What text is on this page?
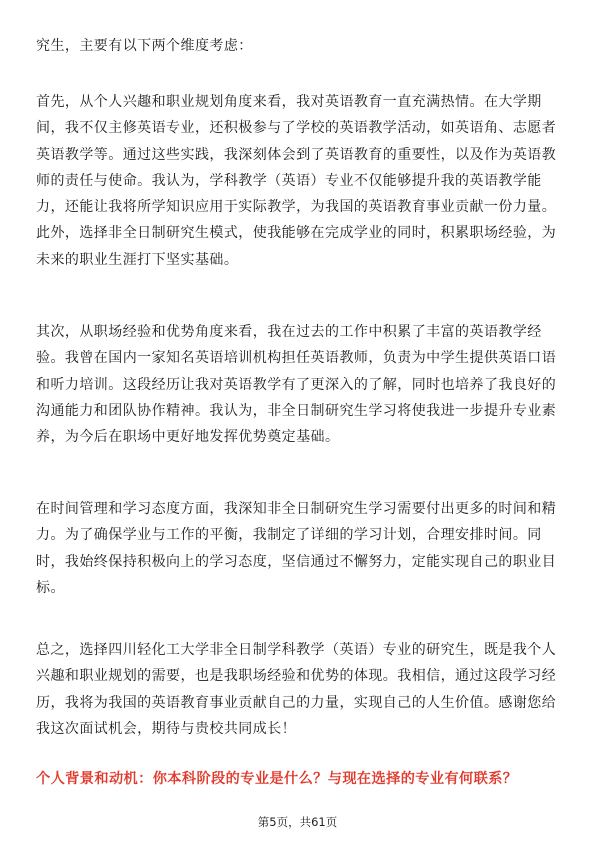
究生，主要有以下两个维度考虑：

首先，从个人兴趣和职业规划角度来看，我对英语教育一直充满热情。在大学期
间，我不仅主修英语专业，还积极参与了学校的英语教学活动，如英语角、志愿者
英语教学等。通过这些实践，我深刻体会到了英语教育的重要性，以及作为英语教
师的责任与使命。我认为，学科教学（英语）专业不仅能够提升我的英语教学能
力，还能让我将所学知识应用于实际教学，为我国的英语教育事业贡献一份力量。
此外，选择非全日制研究生模式，使我能够在完成学业的同时，积累职场经验，为
未来的职业生涯打下坚实基础。

其次，从职场经验和优势角度来看，我在过去的工作中积累了丰富的英语教学经
验。我曾在国内一家知名英语培训机构担任英语教师，负责为中学生提供英语口语
和听力培训。这段经历让我对英语教学有了更深入的了解，同时也培养了我良好的
沟通能力和团队协作精神。我认为，非全日制研究生学习将使我进一步提升专业素
养，为今后在职场中更好地发挥优势奠定基础。

在时间管理和学习态度方面，我深知非全日制研究生学习需要付出更多的时间和精
力。为了确保学业与工作的平衡，我制定了详细的学习计划，合理安排时间。同
时，我始终保持积极向上的学习态度，坚信通过不懈努力，定能实现自己的职业目
标。

总之，选择四川轻化工大学非全日制学科教学（英语）专业的研究生，既是我个人
兴趣和职业规划的需要，也是我职场经验和优势的体现。我相信，通过这段学习经
历，我将为我国的英语教育事业贡献自己的力量，实现自己的人生价值。感谢您给
我这次面试机会，期待与贵校共同成长！

个人背景和动机：你本科阶段的专业是什么？与现在选择的专业有何联系？
第5页，共61页
